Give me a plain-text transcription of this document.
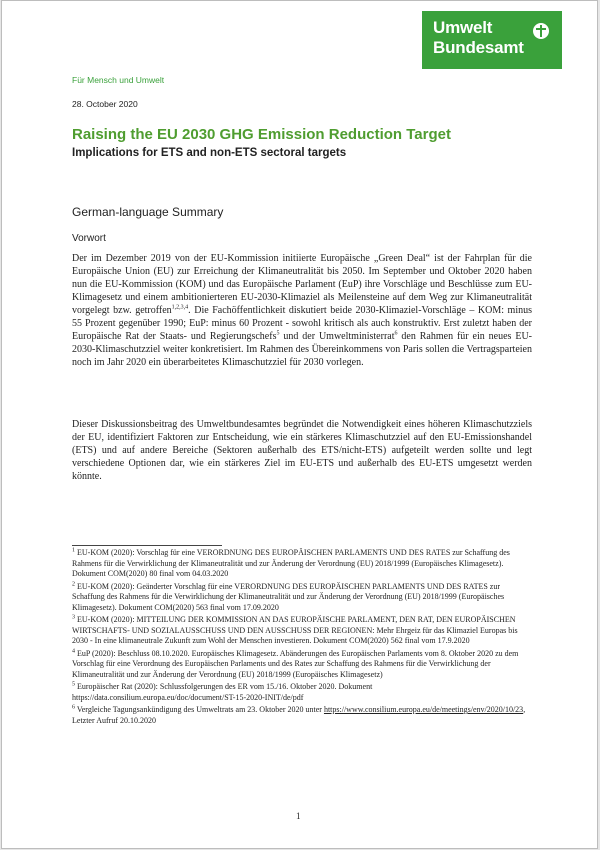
Umwelt
Bundesamt
Für Mensch und Umwelt
28. October 2020
Raising the EU 2030 GHG Emission Reduction Target
Implications for ETS and non-ETS sectoral targets
German-language Summary
Vorwort
Der im Dezember 2019 von der EU-Kommission initiierte Europäische „Green Deal“ ist der Fahrplan für die Europäische Union (EU) zur Erreichung der Klimaneutralität bis 2050. Im September und Oktober 2020 haben nun die EU-Kommission (KOM) und das Europäische Parlament (EuP) ihre Vorschläge und Beschlüsse zum EU-Klimagesetz und einem ambitionierteren EU-2030-Klimaziel als Meilensteine auf dem Weg zur Klimaneutralität vorgelegt bzw. getroffen$^{1,2,3,4}$. Die Fachöffentlichkeit diskutiert beide 2030-Klimaziel-Vorschläge – KOM: minus 55 Prozent gegenüber 1990; EuP: minus 60 Prozent - sowohl kritisch als auch konstruktiv. Erst zuletzt haben der Europäische Rat der Staats- und Regierungschefs$^5$ und der Umweltministerrat$^6$ den Rahmen für ein neues EU-2030-Klimaschutzziel weiter konkretisiert. Im Rahmen des Übereinkommens von Paris sollen die Vertragsparteien noch im Jahr 2020 ein überarbeitetes Klimaschutzziel für 2030 vorlegen.
Dieser Diskussionsbeitrag des Umweltbundesamtes begründet die Notwendigkeit eines höheren Klimaschutzziels der EU, identifiziert Faktoren zur Entscheidung, wie ein stärkeres Klimaschutzziel auf den EU-Emissionshandel (ETS) und auf andere Bereiche (Sektoren außerhalb des ETS/nicht-ETS) aufgeteilt werden sollte und legt verschiedene Optionen dar, wie ein stärkeres Ziel im EU-ETS und außerhalb des EU-ETS umgesetzt werden könnte.
$^1$ EU-KOM (2020): Vorschlag für eine VERORDNUNG DES EUROPÄISCHEN PARLAMENTS UND DES RATES zur Schaffung des Rahmens für die Verwirklichung der Klimaneutralität und zur Änderung der Verordnung (EU) 2018/1999 (Europäisches Klimagesetz). Dokument COM(2020) 80 final vom 04.03.2020
$^2$ EU-KOM (2020): Geänderter Vorschlag für eine VERORDNUNG DES EUROPÄISCHEN PARLAMENTS UND DES RATES zur Schaffung des Rahmens für die Verwirklichung der Klimaneutralität und zur Änderung der Verordnung (EU) 2018/1999 (Europäisches Klimagesetz). Dokument COM(2020) 563 final vom 17.09.2020
$^3$ EU-KOM (2020): MITTEILUNG DER KOMMISSION AN DAS EUROPÄISCHE PARLAMENT, DEN RAT, DEN EUROPÄISCHEN WIRTSCHAFTS- UND SOZIALAUSSCHUSS UND DEN AUSSCHUSS DER REGIONEN: Mehr Ehrgeiz für das Klimaziel Europas bis 2030 - In eine klimaneutrale Zukunft zum Wohl der Menschen investieren. Dokument COM(2020) 562 final vom 17.9.2020
$^4$ EuP (2020): Beschluss 08.10.2020. Europäisches Klimagesetz. Abänderungen des Europäischen Parlaments vom 8. Oktober 2020 zu dem Vorschlag für eine Verordnung des Europäischen Parlaments und des Rates zur Schaffung des Rahmens für die Verwirklichung der Klimaneutralität und zur Änderung der Verordnung (EU) 2018/1999 (Europäisches Klimagesetz)
$^5$ Europäischer Rat (2020): Schlussfolgerungen des ER vom 15./16. Oktober 2020. Dokument https://data.consilium.europa.eu/doc/document/ST-15-2020-INIT/de/pdf
$^6$ Vergleiche Tagungsankündigung des Umweltrats am 23. Oktober 2020 unter https://www.consilium.europa.eu/de/meetings/env/2020/10/23, Letzter Aufruf 20.10.2020
1
